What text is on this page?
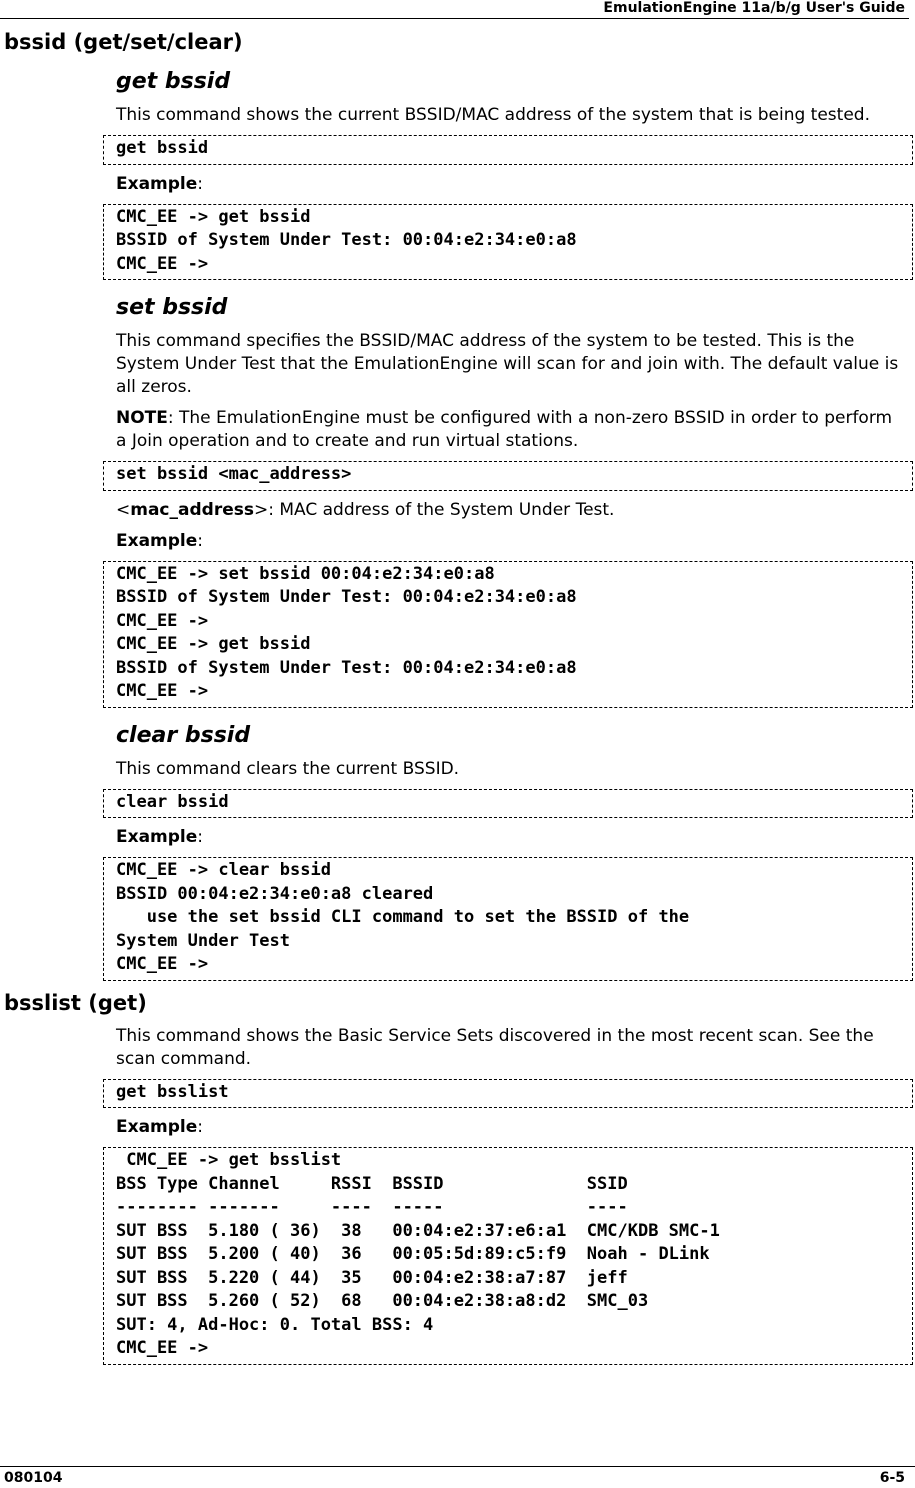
EmulationEngine 11a/b/g User's Guide
bssid (get/set/clear)
get bssid

This command shows the current BSSID/MAC address of the system that is being tested.

get bssid

Example:

CMC_EE -> get bssid
BSSID of System Under Test: 00:04:e2:34:e0:a8
CMC_EE ->
set bssid

This command specifies the BSSID/MAC address of the system to be tested. This is the System Under Test that the EmulationEngine will scan for and join with. The default value is all zeros.

NOTE: The EmulationEngine must be configured with a non-zero BSSID in order to perform a Join operation and to create and run virtual stations.

set bssid <mac_address>

<mac_address>: MAC address of the System Under Test.

Example:

CMC_EE -> set bssid 00:04:e2:34:e0:a8
BSSID of System Under Test: 00:04:e2:34:e0:a8
CMC_EE ->
CMC_EE -> get bssid
BSSID of System Under Test: 00:04:e2:34:e0:a8
CMC_EE ->
clear bssid

This command clears the current BSSID.

clear bssid

Example:

CMC_EE -> clear bssid
BSSID 00:04:e2:34:e0:a8 cleared
use the set bssid CLI command to set the BSSID of the
System Under Test
CMC_EE ->
bsslist (get)

This command shows the Basic Service Sets discovered in the most recent scan. See the scan command.

get bsslist

Example:

CMC_EE -> get bsslist
BSS Type Channel     RSSI  BSSID              SSID
-------- -------     ----  -----              ----
SUT BSS  5.180 ( 36)  38   00:04:e2:37:e6:a1  CMC/KDB SMC-1
SUT BSS  5.200 ( 40)  36   00:05:5d:89:c5:f9  Noah - DLink
SUT BSS  5.220 ( 44)  35   00:04:e2:38:a7:87  jeff
SUT BSS  5.260 ( 52)  68   00:04:e2:38:a8:d2  SMC_03
SUT: 4, Ad-Hoc: 0. Total BSS: 4
CMC_EE ->
080104	6-5
